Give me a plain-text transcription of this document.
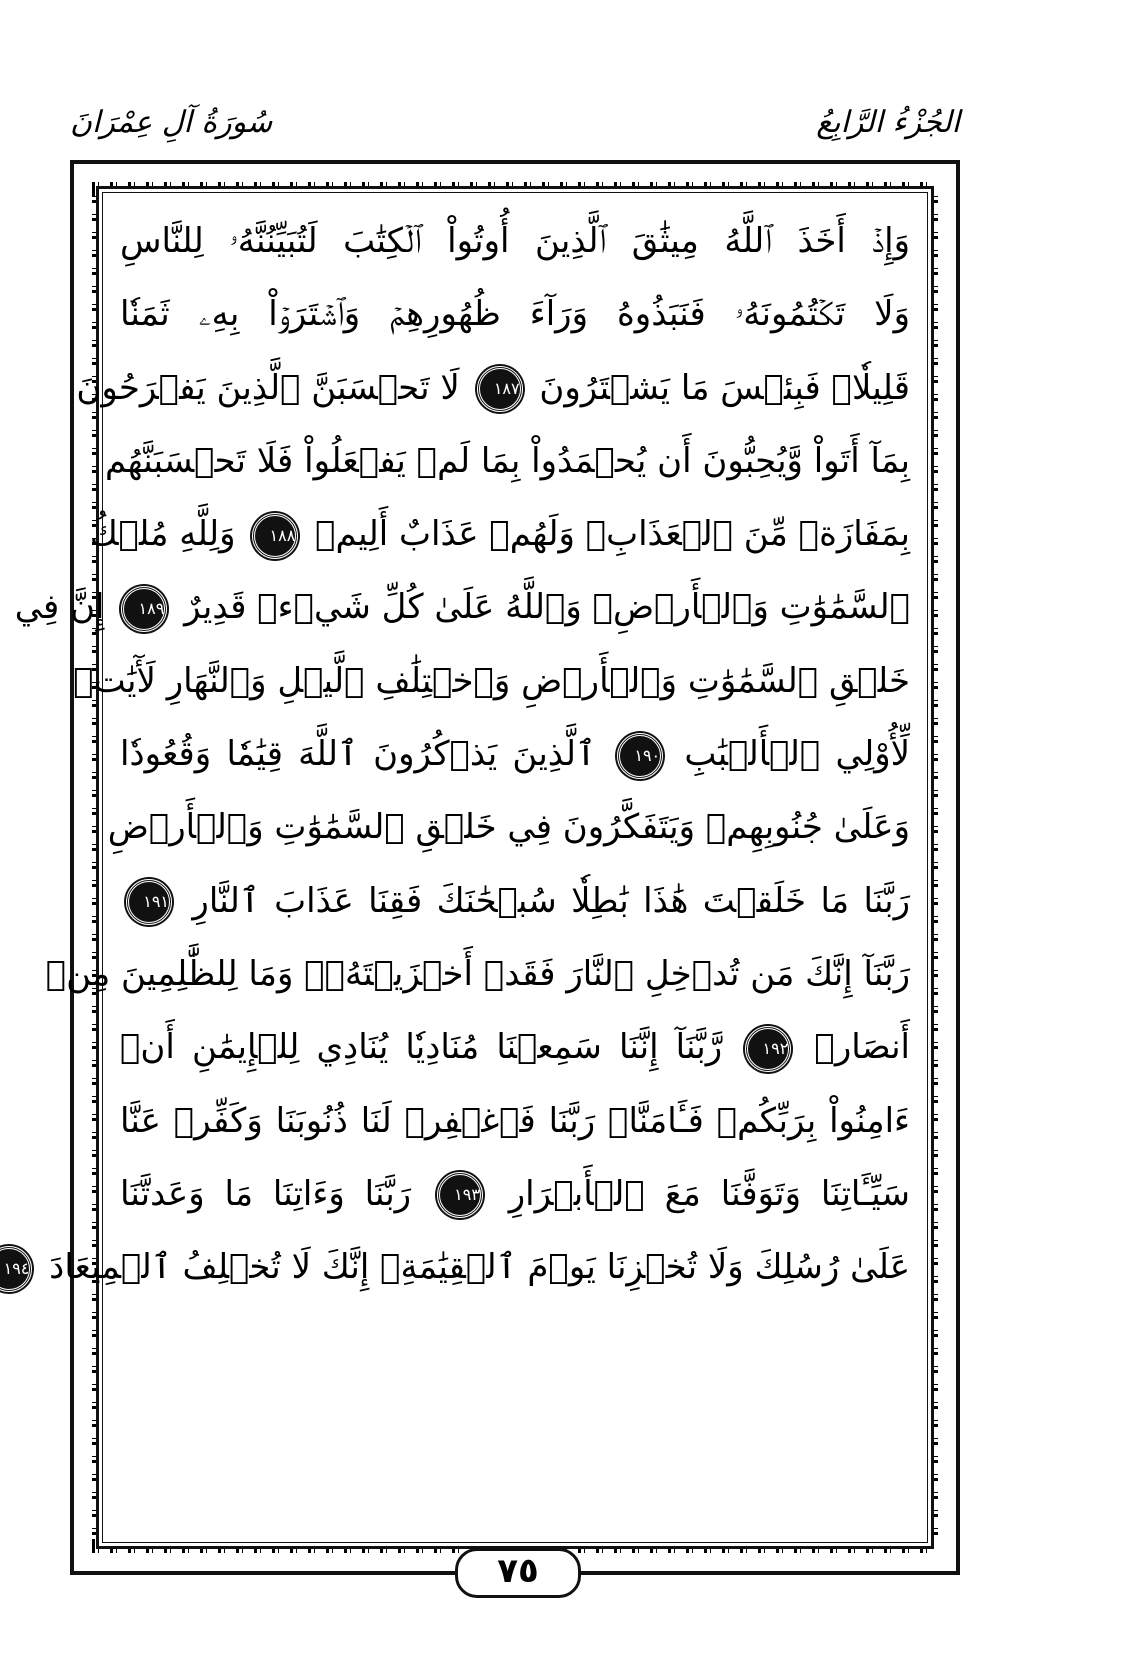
الجُزْءُ الرَّابِعُ
سُورَةُ آلِ عِمْرَانَ
وَإِذۡ أَخَذَ ٱللَّهُ مِيثَٰقَ ٱلَّذِينَ أُوتُواْ ٱلۡكِتَٰبَ لَتُبَيِّنُنَّهُۥ لِلنَّاسِ
وَلَا تَكۡتُمُونَهُۥ فَنَبَذُوهُ وَرَآءَ ظُهُورِهِمۡ وَٱشۡتَرَوۡاْ بِهِۦ ثَمَنٗا
قَلِيلٗاۖ فَبِئۡسَ مَا يَشۡتَرُونَ ١٨٧ لَا تَحۡسَبَنَّ ٱلَّذِينَ يَفۡرَحُونَ
بِمَآ أَتَواْ وَّيُحِبُّونَ أَن يُحۡمَدُواْ بِمَا لَمۡ يَفۡعَلُواْ فَلَا تَحۡسَبَنَّهُم
بِمَفَازَةٖ مِّنَ ٱلۡعَذَابِۖ وَلَهُمۡ عَذَابٌ أَلِيمٞ ١٨٨ وَلِلَّهِ مُلۡكُ
ٱلسَّمَٰوَٰتِ وَٱلۡأَرۡضِۗ وَٱللَّهُ عَلَىٰ كُلِّ شَيۡءٖ قَدِيرٌ ١٨٩ إِنَّ فِي
خَلۡقِ ٱلسَّمَٰوَٰتِ وَٱلۡأَرۡضِ وَٱخۡتِلَٰفِ ٱلَّيۡلِ وَٱلنَّهَارِ لَأٓيَٰتٖ
لِّأُوْلِي ٱلۡأَلۡبَٰبِ ١٩٠ ٱلَّذِينَ يَذۡكُرُونَ ٱللَّهَ قِيَٰمٗا وَقُعُودٗا
وَعَلَىٰ جُنُوبِهِمۡ وَيَتَفَكَّرُونَ فِي خَلۡقِ ٱلسَّمَٰوَٰتِ وَٱلۡأَرۡضِ
رَبَّنَا مَا خَلَقۡتَ هَٰذَا بَٰطِلٗا سُبۡحَٰنَكَ فَقِنَا عَذَابَ ٱلنَّارِ ١٩١
رَبَّنَآ إِنَّكَ مَن تُدۡخِلِ ٱلنَّارَ فَقَدۡ أَخۡزَيۡتَهُۥۖ وَمَا لِلظَّٰلِمِينَ مِنۡ
أَنصَارٖ ١٩٢ رَّبَّنَآ إِنَّنَا سَمِعۡنَا مُنَادِيٗا يُنَادِي لِلۡإِيمَٰنِ أَنۡ
ءَامِنُواْ بِرَبِّكُمۡ فَـَٔامَنَّاۚ رَبَّنَا فَٱغۡفِرۡ لَنَا ذُنُوبَنَا وَكَفِّرۡ عَنَّا
سَيِّـَٔاتِنَا وَتَوَفَّنَا مَعَ ٱلۡأَبۡرَارِ ١٩٣ رَبَّنَا وَءَاتِنَا مَا وَعَدتَّنَا
عَلَىٰ رُسُلِكَ وَلَا تُخۡزِنَا يَوۡمَ ٱلۡقِيَٰمَةِۗ إِنَّكَ لَا تُخۡلِفُ ٱلۡمِيعَادَ ١٩٤
٧٥
